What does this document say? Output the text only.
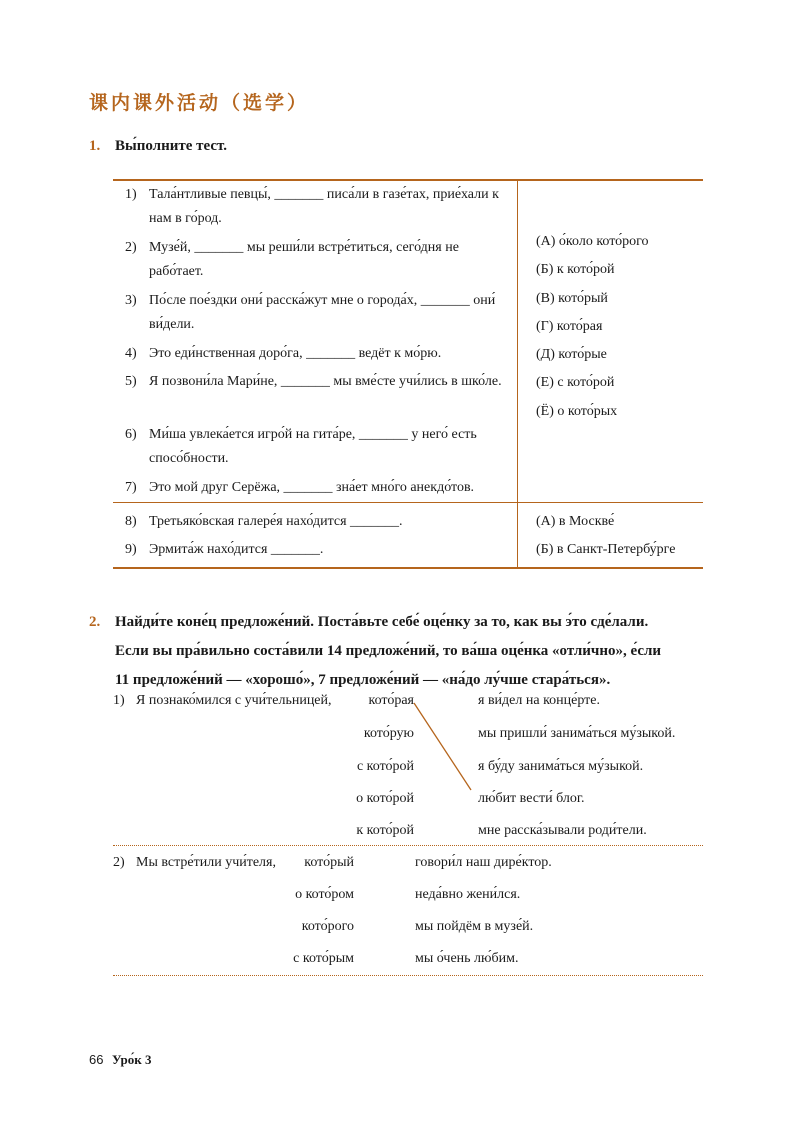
课内课外活动（选学）
1. Вы́полните тест.
1) Тала́нтливые певцы́, _______ писа́ли в газе́тах, прие́хали к нам в го́род.
2) Музе́й, _______ мы реши́ли встре́титься, сего́дня не рабо́тает.
3) По́сле пое́здки они́ расска́жут мне о города́х, _______ они́ ви́дели.
4) Это еди́нственная доро́га, _______ ведёт к мо́рю.
5) Я позвони́ла Мари́не, _______ мы вме́сте учи́лись в шко́ле.
6) Ми́ша увлека́ется игро́й на гита́ре, _______ у него́ есть спосо́бности.
7) Это мой друг Серёжа, _______ зна́ет мно́го анекдо́тов.
8) Третьяко́вская галере́я нахо́дится _______.
9) Эрмита́ж нахо́дится _______.
(А) о́коло кото́рого
(Б) к кото́рой
(В) кото́рый
(Г) кото́рая
(Д) кото́рые
(Е) с кото́рой
(Ё) о кото́рых
(А) в Москве́
(Б) в Санкт-Петербу́рге
2. Найди́те коне́ц предложе́ний. Поста́вьте себе́ оце́нку за то, как вы э́то сде́лали.
Если вы пра́вильно соста́вили 14 предложе́ний, то ва́ша оце́нка «отли́чно», е́сли
11 предложе́ний — «хорошо́», 7 предложе́ний — «на́до лу́чше стара́ться».
1) Я познако́мился с учи́тельницей,	кото́рая
кото́рую
с кото́рой
о кото́рой
к кото́рой
я ви́дел на конце́рте.
мы пришли́ занима́ться му́зыкой.
я бу́ду занима́ться му́зыкой.
лю́бит вести́ блог.
мне расска́зывали роди́тели.
2) Мы встре́тили учи́теля,	кото́рый
о кото́ром
кото́рого
с кото́рым
говори́л наш дире́ктор.
неда́вно жени́лся.
мы пойдём в музе́й.
мы о́чень лю́бим.
66 Уро́к 3
